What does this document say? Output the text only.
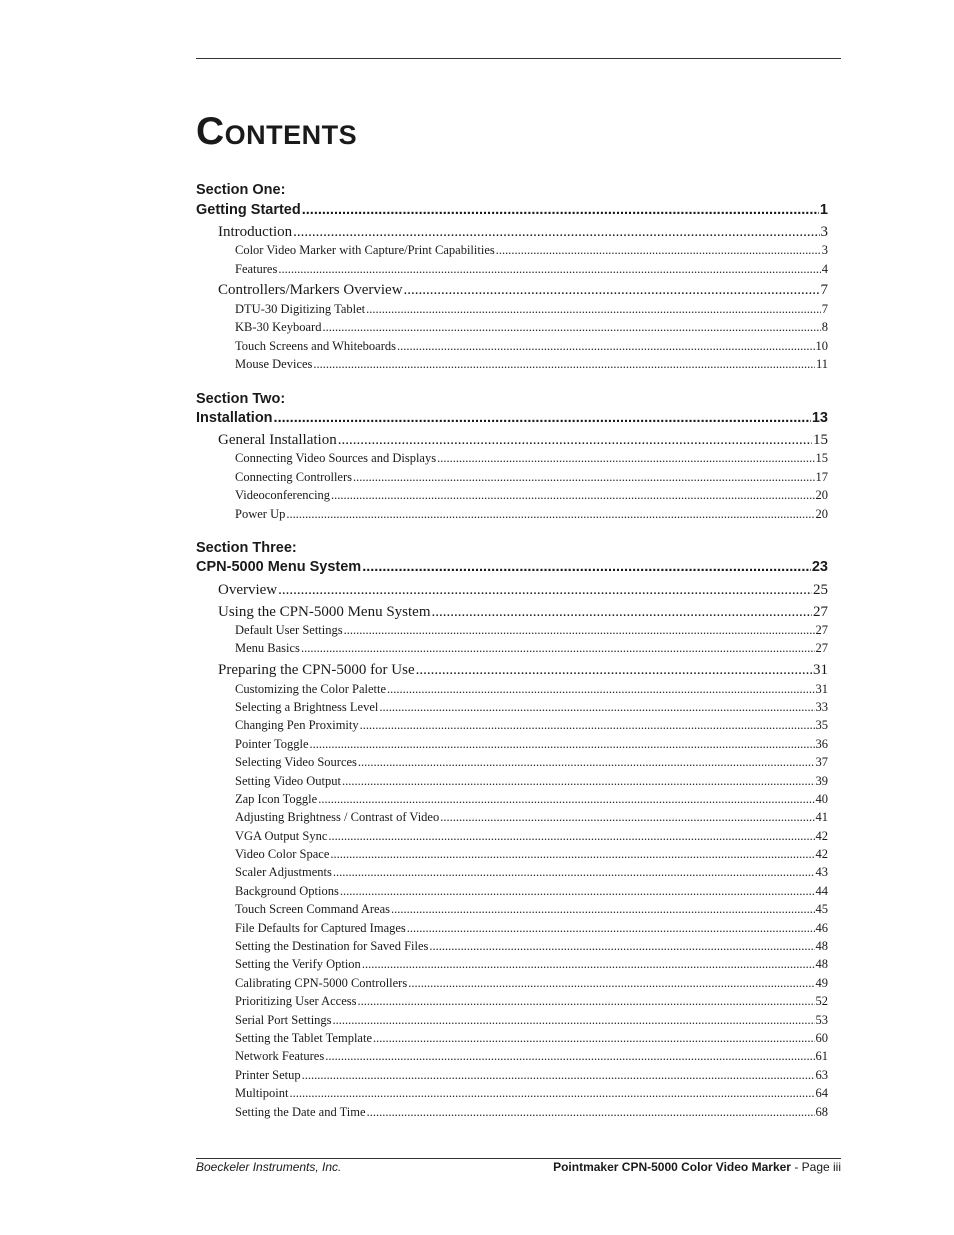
Contents
Section One:
Getting Started .....	1
Introduction .....	3
Color Video Marker with Capture/Print Capabilities .....	3
Features .....	4
Controllers/Markers Overview .....	7
DTU-30 Digitizing Tablet .....	7
KB-30 Keyboard .....	8
Touch Screens and Whiteboards .....	10
Mouse Devices .....	11
Section Two:
Installation .....	13
General Installation .....	15
Connecting Video Sources and Displays .....	15
Connecting Controllers .....	17
Videoconferencing .....	20
Power Up .....	20
Section Three:
CPN-5000 Menu System .....	23
Overview .....	25
Using the CPN-5000 Menu System .....	27
Default User Settings .....	27
Menu Basics .....	27
Preparing the CPN-5000 for Use .....	31
Customizing the Color Palette .....	31
Selecting a Brightness Level .....	33
Changing Pen Proximity .....	35
Pointer Toggle .....	36
Selecting Video Sources .....	37
Setting Video Output .....	39
Zap Icon Toggle .....	40
Adjusting Brightness / Contrast of Video .....	41
VGA Output Sync .....	42
Video Color Space .....	42
Scaler Adjustments .....	43
Background Options .....	44
Touch Screen Command Areas .....	45
File Defaults for Captured Images .....	46
Setting the Destination for Saved Files .....	48
Setting the Verify Option .....	48
Calibrating CPN-5000 Controllers .....	49
Prioritizing User Access .....	52
Serial Port Settings .....	53
Setting the Tablet Template .....	60
Network Features .....	61
Printer Setup .....	63
Multipoint .....	64
Setting the Date and Time .....	68
Boeckeler Instruments, Inc.	Pointmaker CPN-5000 Color Video Marker - Page iii
